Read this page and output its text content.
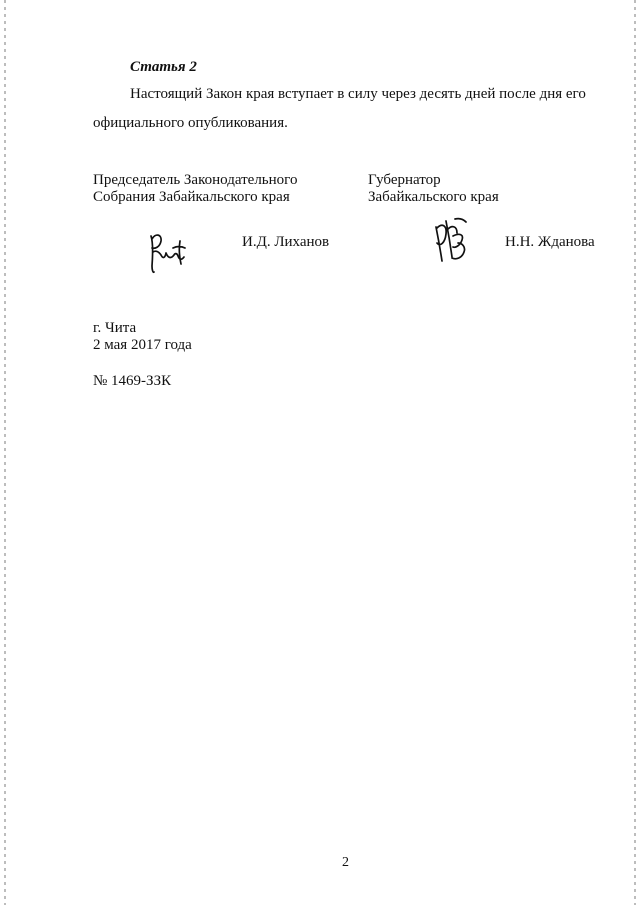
Статья 2
Настоящий Закон края вступает в силу через десять дней после дня его
официального опубликования.
Председатель Законодательного
Собрания Забайкальского края
Губернатор
Забайкальского края
И.Д. Лиханов	Н.Н. Жданова
г. Чита
2 мая 2017 года
№ 1469-ЗЗК
2
